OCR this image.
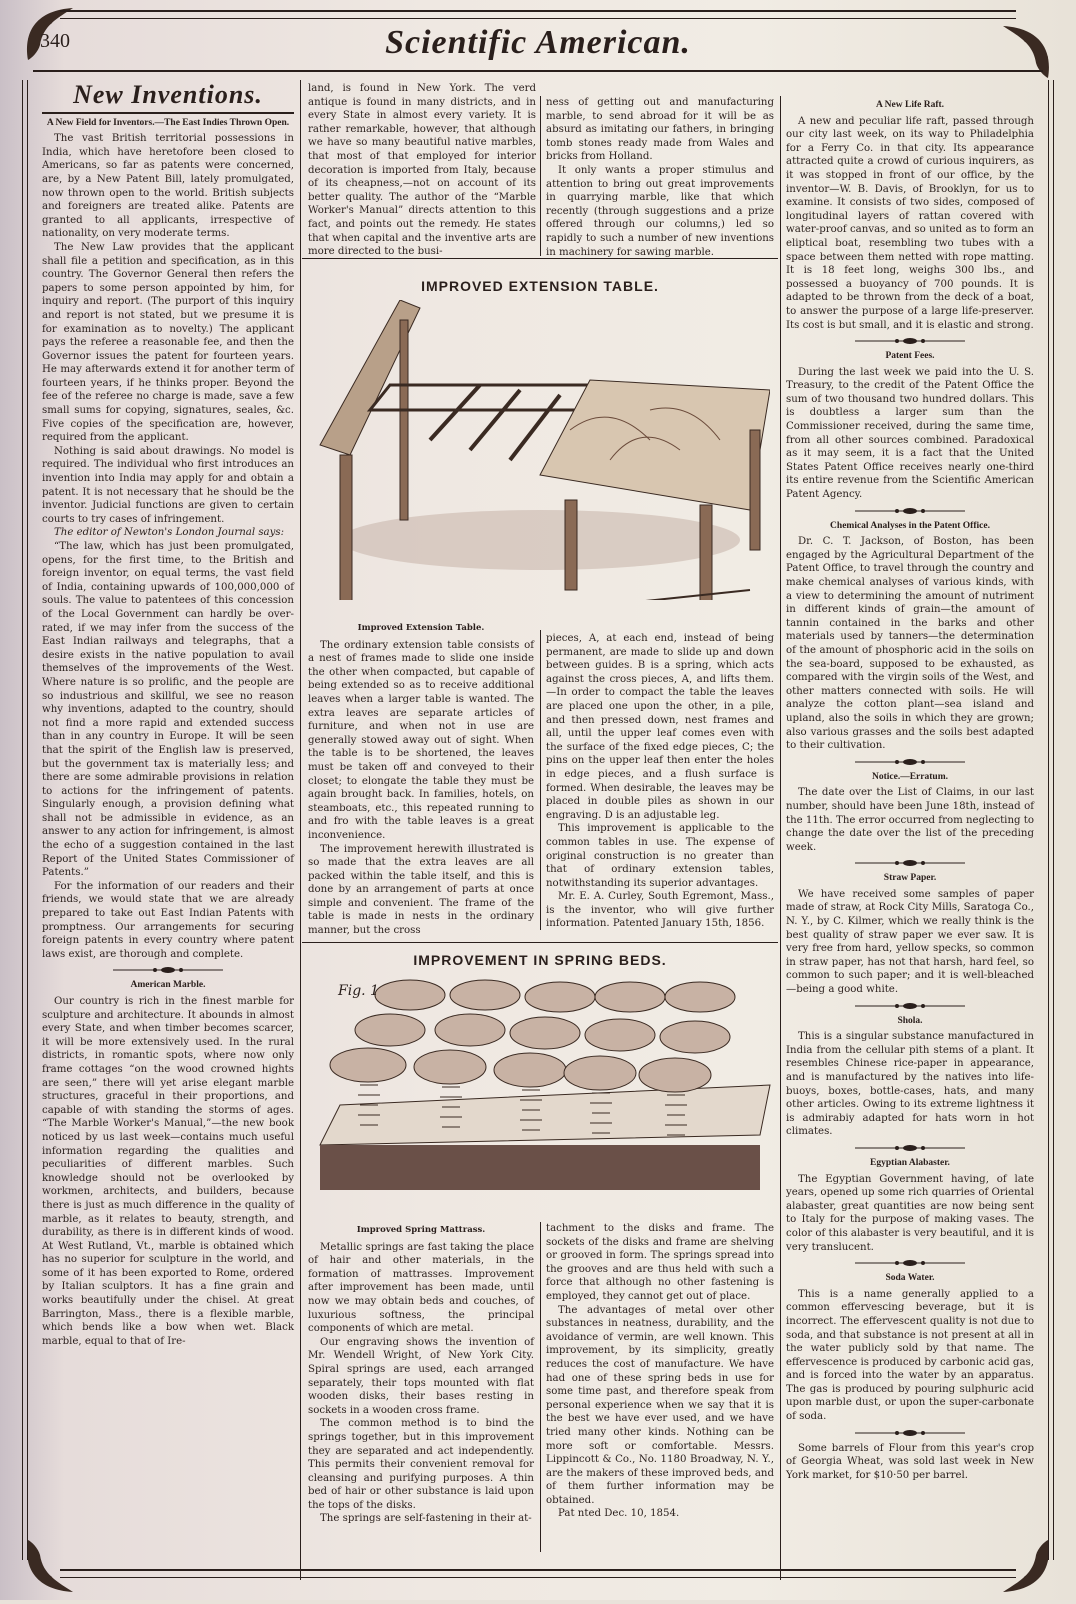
340	Scientific American.
New Inventions.
A New Field for Inventors.—The East Indies Thrown Open.

The vast British territorial possessions in India, which have heretofore been closed to Americans, so far as patents were concerned, are, by a New Patent Bill, lately promulgated, now thrown open to the world. British subjects and foreigners are treated alike. Patents are granted to all applicants, irrespective of nationality, on very moderate terms.

The New Law provides that the applicant shall file a petition and specification, as in this country. The Governor General then refers the papers to some person appointed by him, for inquiry and report. (The purport of this inquiry and report is not stated, but we presume it is for examination as to novelty.) The applicant pays the referee a reasonable fee, and then the Governor issues the patent for fourteen years. He may afterwards extend it for another term of fourteen years, if he thinks proper. Beyond the fee of the referee no charge is made, save a few small sums for copying, signatures, seales, &c. Five copies of the specification are, however, required from the applicant.

Nothing is said about drawings. No model is required. The individual who first introduces an invention into India may apply for and obtain a patent. It is not necessary that he should be the inventor. Judicial functions are given to certain courts to try cases of infringement.

The editor of Newton's London Journal says:

“The law, which has just been promulgated, opens, for the first time, to the British and foreign inventor, on equal terms, the vast field of India, containing upwards of 100,000,000 of souls. The value to patentees of this concession of the Local Government can hardly be over-rated, if we may infer from the success of the East Indian railways and telegraphs, that a desire exists in the native population to avail themselves of the improvements of the West. Where nature is so prolific, and the people are so industrious and skillful, we see no reason why inventions, adapted to the country, should not find a more rapid and extended success than in any country in Europe. It will be seen that the spirit of the English law is preserved, but the government tax is materially less; and there are some admirable provisions in relation to actions for the infringement of patents. Singularly enough, a provision defining what shall not be admissible in evidence, as an answer to any action for infringement, is almost the echo of a suggestion contained in the last Report of the United States Commissioner of Patents.”

For the information of our readers and their friends, we would state that we are already prepared to take out East Indian Patents with promptness. Our arrangements for securing foreign patents in every country where patent laws exist, are thorough and complete.

American Marble.

Our country is rich in the finest marble for sculpture and architecture. It abounds in almost every State, and when timber becomes scarcer, it will be more extensively used. In the rural districts, in romantic spots, where now only frame cottages “on the wood crowned hights are seen,” there will yet arise elegant marble structures, graceful in their proportions, and capable of with standing the storms of ages. “The Marble Worker's Manual,”—the new book noticed by us last week—contains much useful information regarding the qualities and peculiarities of different marbles. Such knowledge should not be overlooked by workmen, architects, and builders, because there is just as much difference in the quality of marble, as it relates to beauty, strength, and durability, as there is in different kinds of wood. At West Rutland, Vt., marble is obtained which has no superior for sculpture in the world, and some of it has been exported to Rome, ordered by Italian sculptors. It has a fine grain and works beautifully under the chisel. At great Barrington, Mass., there is a flexible marble, which bends like a bow when wet. Black marble, equal to that of Ire-

land, is found in New York. The verd antique is found in many districts, and in every State in almost every variety. It is rather remarkable, however, that although we have so many beautiful native marbles, that most of that employed for interior decoration is imported from Italy, because of its cheapness,—not on account of its better quality. The author of the “Marble Worker's Manual” directs attention to this fact, and points out the remedy. He states that when capital and the inventive arts are more directed to the busi-

ness of getting out and manufacturing marble, to send abroad for it will be as absurd as imitating our fathers, in bringing tomb stones ready made from Wales and bricks from Holland.

It only wants a proper stimulus and attention to bring out great improvements in quarrying marble, like that which recently (through suggestions and a prize offered through our columns,) led so rapidly to such a number of new inventions in machinery for sawing marble.

IMPROVED EXTENSION TABLE.
Improved Extension Table.

The ordinary extension table consists of a nest of frames made to slide one inside the other when compacted, but capable of being extended so as to receive additional leaves when a larger table is wanted. The extra leaves are separate articles of furniture, and when not in use are generally stowed away out of sight. When the table is to be shortened, the leaves must be taken off and conveyed to their closet; to elongate the table they must be again brought back. In families, hotels, on steamboats, etc., this repeated running to and fro with the table leaves is a great inconvenience.

The improvement herewith illustrated is so made that the extra leaves are all packed within the table itself, and this is done by an arrangement of parts at once simple and convenient. The frame of the table is made in nests in the ordinary manner, but the cross

pieces, A, at each end, instead of being permanent, are made to slide up and down between guides. B is a spring, which acts against the cross pieces, A, and lifts them.—In order to compact the table the leaves are placed one upon the other, in a pile, and then pressed down, nest frames and all, until the upper leaf comes even with the surface of the fixed edge pieces, C; the pins on the upper leaf then enter the holes in edge pieces, and a flush surface is formed. When desirable, the leaves may be placed in double piles as shown in our engraving. D is an adjustable leg.

This improvement is applicable to the common tables in use. The expense of original construction is no greater than that of ordinary extension tables, notwithstanding its superior advantages.

Mr. E. A. Curley, South Egremont, Mass., is the inventor, who will give further information. Patented January 15th, 1856.

IMPROVEMENT IN SPRING BEDS.
Fig. 1
Improved Spring Mattrass.

Metallic springs are fast taking the place of hair and other materials, in the formation of mattrasses. Improvement after improvement has been made, until now we may obtain beds and couches, of luxurious softness, the principal components of which are metal.

Our engraving shows the invention of Mr. Wendell Wright, of New York City. Spiral springs are used, each arranged separately, their tops mounted with flat wooden disks, their bases resting in sockets in a wooden cross frame.

The common method is to bind the springs together, but in this improvement they are separated and act independently. This permits their convenient removal for cleansing and purifying purposes. A thin bed of hair or other substance is laid upon the tops of the disks.

The springs are self-fastening in their at-

tachment to the disks and frame. The sockets of the disks and frame are shelving or grooved in form. The springs spread into the grooves and are thus held with such a force that although no other fastening is employed, they cannot get out of place.

The advantages of metal over other substances in neatness, durability, and the avoidance of vermin, are well known. This improvement, by its simplicity, greatly reduces the cost of manufacture. We have had one of these spring beds in use for some time past, and therefore speak from personal experience when we say that it is the best we have ever used, and we have tried many other kinds. Nothing can be more soft or comfortable. Messrs. Lippincott & Co., No. 1180 Broadway, N. Y., are the makers of these improved beds, and of them further information may be obtained.

Pat nted Dec. 10, 1854.

A New Life Raft.

A new and peculiar life raft, passed through our city last week, on its way to Philadelphia for a Ferry Co. in that city. Its appearance attracted quite a crowd of curious inquirers, as it was stopped in front of our office, by the inventor—W. B. Davis, of Brooklyn, for us to examine. It consists of two sides, composed of longitudinal layers of rattan covered with water-proof canvas, and so united as to form an eliptical boat, resembling two tubes with a space between them netted with rope matting. It is 18 feet long, weighs 300 lbs., and possessed a buoyancy of 700 pounds. It is adapted to be thrown from the deck of a boat, to answer the purpose of a large life-preserver. Its cost is but small, and it is elastic and strong.

Patent Fees.

During the last week we paid into the U. S. Treasury, to the credit of the Patent Office the sum of two thousand two hundred dollars. This is doubtless a larger sum than the Commissioner received, during the same time, from all other sources combined. Paradoxical as it may seem, it is a fact that the United States Patent Office receives nearly one-third its entire revenue from the Scientific American Patent Agency.

Chemical Analyses in the Patent Office.

Dr. C. T. Jackson, of Boston, has been engaged by the Agricultural Department of the Patent Office, to travel through the country and make chemical analyses of various kinds, with a view to determining the amount of nutriment in different kinds of grain—the amount of tannin contained in the barks and other materials used by tanners—the determination of the amount of phosphoric acid in the soils on the sea-board, supposed to be exhausted, as compared with the virgin soils of the West, and other matters connected with soils. He will analyze the cotton plant—sea island and upland, also the soils in which they are grown; also various grasses and the soils best adapted to their cultivation.

Notice.—Erratum.

The date over the List of Claims, in our last number, should have been June 18th, instead of the 11th. The error occurred from neglecting to change the date over the list of the preceding week.

Straw Paper.

We have received some samples of paper made of straw, at Rock City Mills, Saratoga Co., N. Y., by C. Kilmer, which we really think is the best quality of straw paper we ever saw. It is very free from hard, yellow specks, so common in straw paper, has not that harsh, hard feel, so common to such paper; and it is well-bleached—being a good white.

Shola.

This is a singular substance manufactured in India from the cellular pith stems of a plant. It resembles Chinese rice-paper in appearance, and is manufactured by the natives into life-buoys, boxes, bottle-cases, hats, and many other articles. Owing to its extreme lightness it is admirabiy adapted for hats worn in hot climates.

Egyptian Alabaster.

The Egyptian Government having, of late years, opened up some rich quarries of Oriental alabaster, great quantities are now being sent to Italy for the purpose of making vases. The color of this alabaster is very beautiful, and it is very translucent.

Soda Water.

This is a name generally applied to a common effervescing beverage, but it is incorrect. The effervescent quality is not due to soda, and that substance is not present at all in the water publicly sold by that name. The effervescence is produced by carbonic acid gas, and is forced into the water by an apparatus. The gas is produced by pouring sulphuric acid upon marble dust, or upon the super-carbonate of soda.

Some barrels of Flour from this year's crop of Georgia Wheat, was sold last week in New York market, for $10·50 per barrel.
